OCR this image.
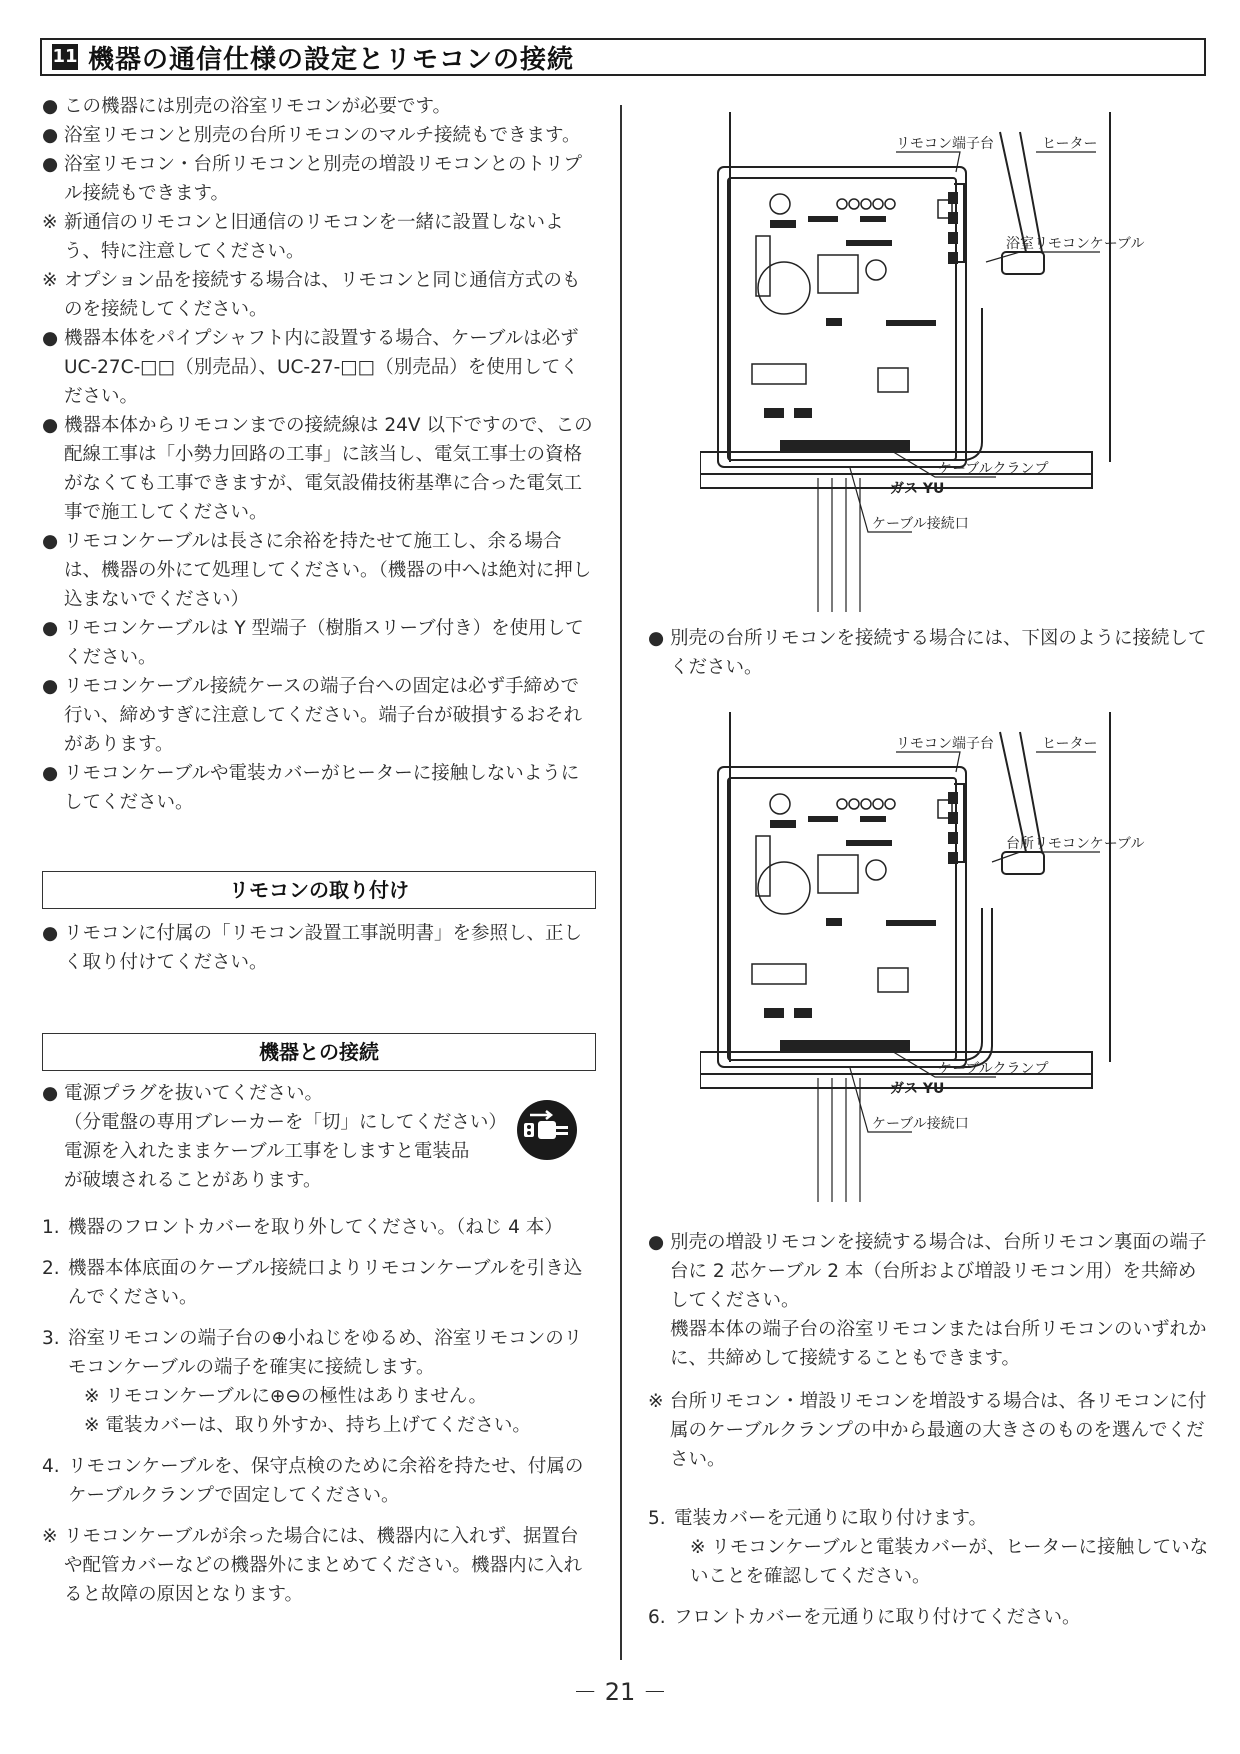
11 機器の通信仕様の設定とリモコンの接続
● この機器には別売の浴室リモコンが必要です。
● 浴室リモコンと別売の台所リモコンのマルチ接続もできます。
● 浴室リモコン・台所リモコンと別売の増設リモコンとのトリプル接続もできます。
※ 新通信のリモコンと旧通信のリモコンを一緒に設置しないよう、特に注意してください。
※ オプション品を接続する場合は、リモコンと同じ通信方式のものを接続してください。
● 機器本体をパイプシャフト内に設置する場合、ケーブルは必ず UC-27C-□□（別売品）、UC-27-□□（別売品）を使用してください。
● 機器本体からリモコンまでの接続線は 24V 以下ですので、この配線工事は「小勢力回路の工事」に該当し、電気工事士の資格がなくても工事できますが、電気設備技術基準に合った電気工事で施工してください。
● リモコンケーブルは長さに余裕を持たせて施工し、余る場合は、機器の外にて処理してください。（機器の中へは絶対に押し込まないでください）
● リモコンケーブルは Y 型端子（樹脂スリーブ付き）を使用してください。
● リモコンケーブル接続ケースの端子台への固定は必ず手締めで行い、締めすぎに注意してください。端子台が破損するおそれがあります。
● リモコンケーブルや電装カバーがヒーターに接触しないようにしてください。
リモコンの取り付け
● リモコンに付属の「リモコン設置工事説明書」を参照し、正しく取り付けてください。
機器との接続
● 電源プラグを抜いてください。
（分電盤の専用ブレーカーを「切」にしてください）
電源を入れたままケーブル工事をしますと電装品
が破壊されることがあります。
1. 機器のフロントカバーを取り外してください。（ねじ 4 本）
2. 機器本体底面のケーブル接続口よりリモコンケーブルを引き込んでください。
3. 浴室リモコンの端子台の⊕小ねじをゆるめ、浴室リモコンのリモコンケーブルの端子を確実に接続します。
※ リモコンケーブルに⊕⊖の極性はありません。
※ 電装カバーは、取り外すか、持ち上げてください。
4. リモコンケーブルを、保守点検のために余裕を持たせ、付属のケーブルクランプで固定してください。
※ リモコンケーブルが余った場合には、機器内に入れず、据置台や配管カバーなどの機器外にまとめてください。機器内に入れると故障の原因となります。
ガス YU
リモコン端子台	ヒーター
浴室リモコンケーブル
ケーブルクランプ
ケーブル接続口
● 別売の台所リモコンを接続する場合には、下図のように接続してください。
ガス YU
リモコン端子台	ヒーター
台所リモコンケーブル
ケーブルクランプ
ケーブル接続口
● 別売の増設リモコンを接続する場合は、台所リモコン裏面の端子台に 2 芯ケーブル 2 本（台所および増設リモコン用）を共締めしてください。
機器本体の端子台の浴室リモコンまたは台所リモコンのいずれかに、共締めして接続することもできます。
※ 台所リモコン・増設リモコンを増設する場合は、各リモコンに付属のケーブルクランプの中から最適の大きさのものを選んでください。
5. 電装カバーを元通りに取り付けます。
※ リモコンケーブルと電装カバーが、ヒーターに接触していないことを確認してください。
6. フロントカバーを元通りに取り付けてください。
－ 21 －
